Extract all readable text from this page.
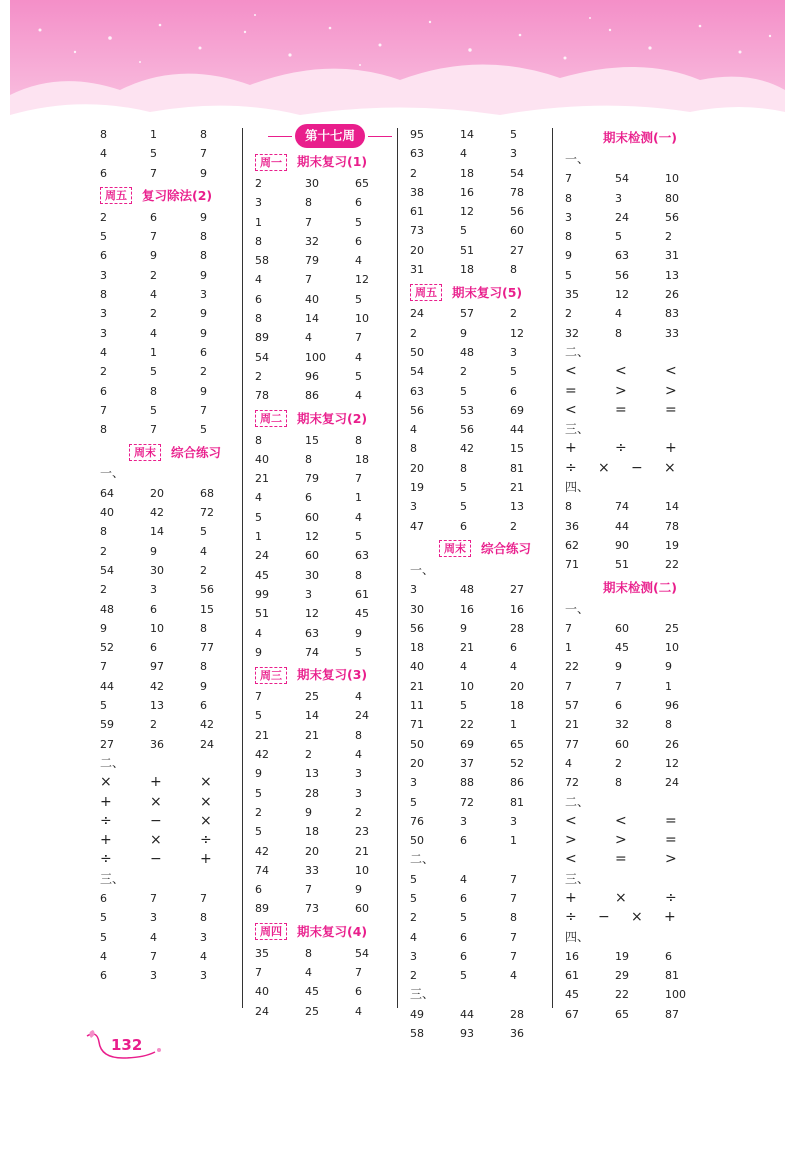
8	1	8
4	5	7
6	7	9
周五	复习除法(2)
2	6	9
5	7	8
6	9	8
3	2	9
8	4	3
3	2	9
3	4	9
4	1	6
2	5	2
6	8	9
7	5	7
8	7	5
周末	综合练习
一、
64	20	68
40	42	72
8	14	5
2	9	4
54	30	2
2	3	56
48	6	15
9	10	8
52	6	77
7	97	8
44	42	9
5	13	6
59	2	42
27	36	24
二、
×	+	×
+	×	×
÷	−	×
+	×	÷
÷	−	+
三、
6	7	7
5	3	8
5	4	3
4	7	4
6	3	3
第十七周
周一	期末复习(1)
2	30	65
3	8	6
1	7	5
8	32	6
58	79	4
4	7	12
6	40	5
8	14	10
89	4	7
54	100	4
2	96	5
78	86	4
周二	期末复习(2)
8	15	8
40	8	18
21	79	7
4	6	1
5	60	4
1	12	5
24	60	63
45	30	8
99	3	61
51	12	45
4	63	9
9	74	5
周三	期末复习(3)
7	25	4
5	14	24
21	21	8
42	2	4
9	13	3
5	28	3
2	9	2
5	18	23
42	20	21
74	33	10
6	7	9
89	73	60
周四	期末复习(4)
35	8	54
7	4	7
40	45	6
24	25	4
95	14	5
63	4	3
2	18	54
38	16	78
61	12	56
73	5	60
20	51	27
31	18	8
周五	期末复习(5)
24	57	2
2	9	12
50	48	3
54	2	5
63	5	6
56	53	69
4	56	44
8	42	15
20	8	81
19	5	21
3	5	13
47	6	2
周末	综合练习
一、
3	48	27
30	16	16
56	9	28
18	21	6
40	4	4
21	10	20
11	5	18
71	22	1
50	69	65
20	37	52
3	88	86
5	72	81
76	3	3
50	6	1
二、
5	4	7
5	6	7
2	5	8
4	6	7
3	6	7
2	5	4
三、
49	44	28
58	93	36
期末检测(一)
一、
7	54	10
8	3	80
3	24	56
8	5	2
9	63	31
5	56	13
35	12	26
2	4	83
32	8	33
二、
<	<	<
=	>	>
<	=	=
三、
+	÷	+
÷	×	−	×
四、
8	74	14
36	44	78
62	90	19
71	51	22
期末检测(二)
一、
7	60	25
1	45	10
22	9	9
7	7	1
57	6	96
21	32	8
77	60	26
4	2	12
72	8	24
二、
<	<	=
>	>	=
<	=	>
三、
+	×	÷
÷	−	×	+
四、
16	19	6
61	29	81
45	22	100
67	65	87
132
